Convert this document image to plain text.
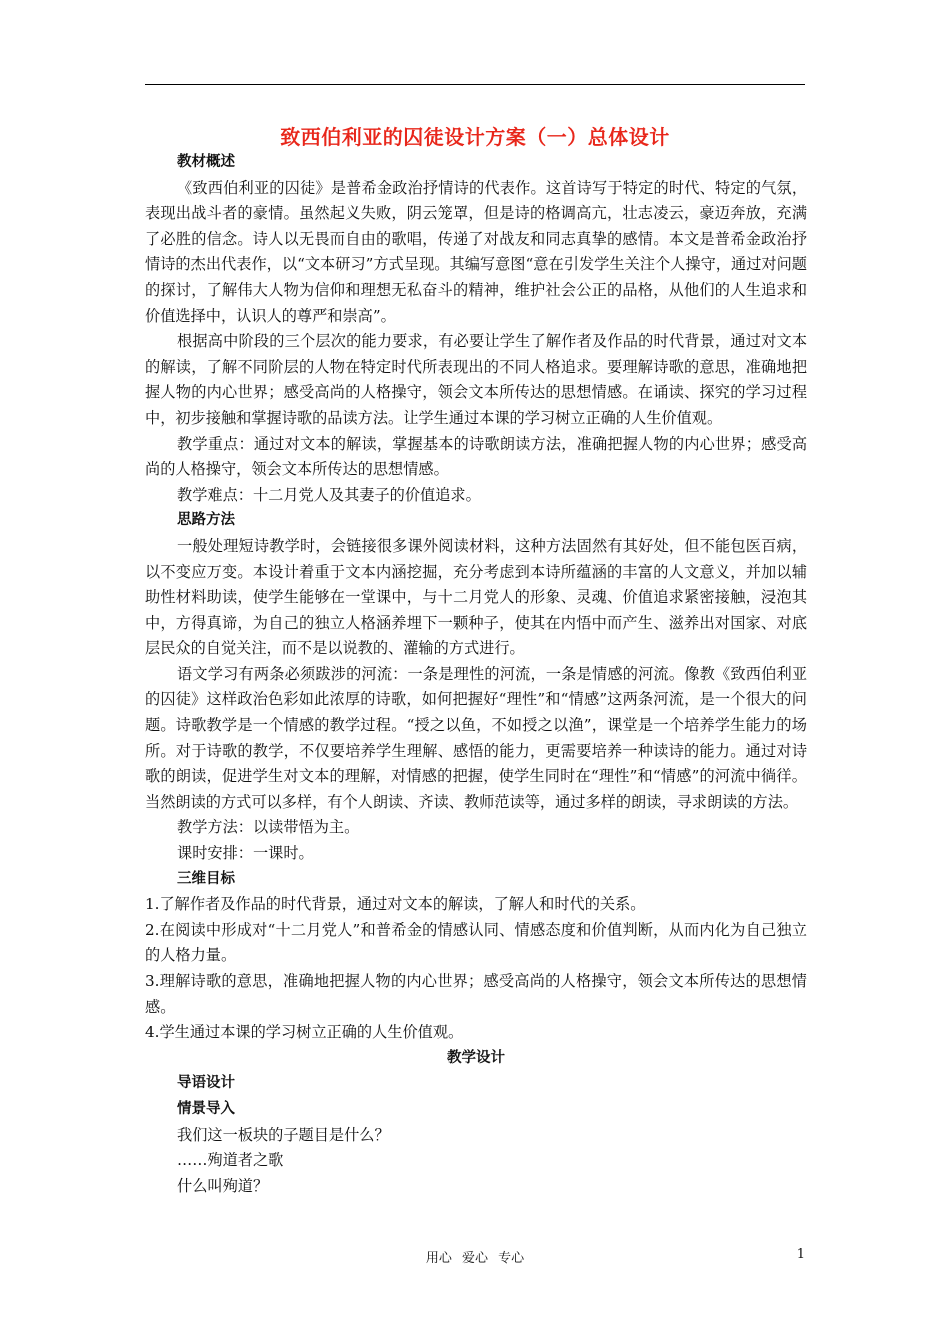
致西伯利亚的囚徒设计方案（一）总体设计

教材概述

《致西伯利亚的囚徒》是普希金政治抒情诗的代表作。这首诗写于特定的时代、特定的气氛，表现出战斗者的豪情。虽然起义失败，阴云笼罩，但是诗的格调高亢，壮志凌云，豪迈奔放，充满了必胜的信念。诗人以无畏而自由的歌唱，传递了对战友和同志真挚的感情。本文是普希金政治抒情诗的杰出代表作，以“文本研习”方式呈现。其编写意图“意在引发学生关注个人操守，通过对问题的探讨，了解伟大人物为信仰和理想无私奋斗的精神，维护社会公正的品格，从他们的人生追求和价值选择中，认识人的尊严和崇高”。

根据高中阶段的三个层次的能力要求，有必要让学生了解作者及作品的时代背景，通过对文本的解读，了解不同阶层的人物在特定时代所表现出的不同人格追求。要理解诗歌的意思，准确地把握人物的内心世界；感受高尚的人格操守，领会文本所传达的思想情感。在诵读、探究的学习过程中，初步接触和掌握诗歌的品读方法。让学生通过本课的学习树立正确的人生价值观。

教学重点：通过对文本的解读，掌握基本的诗歌朗读方法，准确把握人物的内心世界；感受高尚的人格操守，领会文本所传达的思想情感。

教学难点：十二月党人及其妻子的价值追求。

思路方法

一般处理短诗教学时，会链接很多课外阅读材料，这种方法固然有其好处，但不能包医百病，以不变应万变。本设计着重于文本内涵挖掘，充分考虑到本诗所蕴涵的丰富的人文意义，并加以辅助性材料助读，使学生能够在一堂课中，与十二月党人的形象、灵魂、价值追求紧密接触，浸泡其中，方得真谛，为自己的独立人格涵养埋下一颗种子，使其在内悟中而产生、滋养出对国家、对底层民众的自觉关注，而不是以说教的、灌输的方式进行。

语文学习有两条必须跋涉的河流：一条是理性的河流，一条是情感的河流。像教《致西伯利亚的囚徒》这样政治色彩如此浓厚的诗歌，如何把握好“理性”和“情感”这两条河流，是一个很大的问题。诗歌教学是一个情感的教学过程。“授之以鱼，不如授之以渔”，课堂是一个培养学生能力的场所。对于诗歌的教学，不仅要培养学生理解、感悟的能力，更需要培养一种读诗的能力。通过对诗歌的朗读，促进学生对文本的理解，对情感的把握，使学生同时在“理性”和“情感”的河流中徜徉。当然朗读的方式可以多样，有个人朗读、齐读、教师范读等，通过多样的朗读，寻求朗读的方法。

教学方法：以读带悟为主。

课时安排：一课时。

三维目标

1.了解作者及作品的时代背景，通过对文本的解读，了解人和时代的关系。

2.在阅读中形成对“十二月党人”和普希金的情感认同、情感态度和价值判断，从而内化为自己独立的人格力量。

3.理解诗歌的意思，准确地把握人物的内心世界；感受高尚的人格操守，领会文本所传达的思想情感。

4.学生通过本课的学习树立正确的人生价值观。

教学设计

导语设计

情景导入

我们这一板块的子题目是什么？

……殉道者之歌

什么叫殉道？

用心 爱心 专心	1
